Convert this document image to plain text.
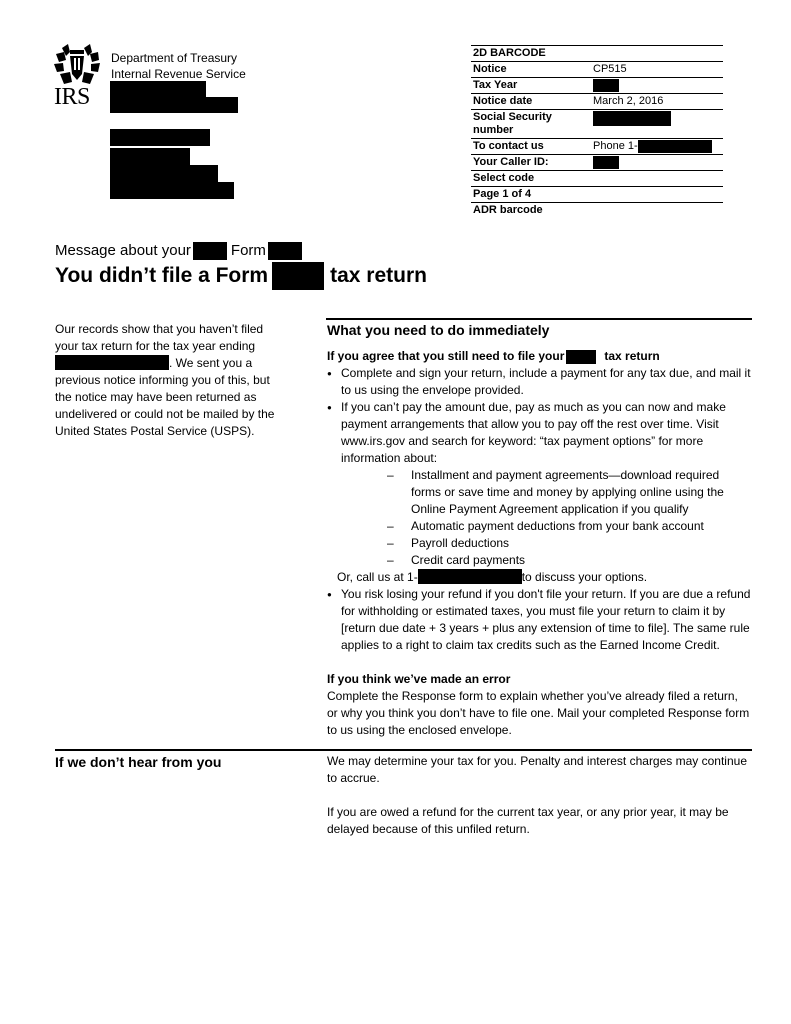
IRS
Department of Treasury
Internal Revenue Service
2D BARCODE	
Notice	CP515
Tax Year	
Notice date	March 2, 2016
Social Security number	
To contact us	Phone 1-
Your Caller ID:	
Select code	
Page 1 of 4	
ADR barcode	
Message about your	Form
You didn’t file a Form	tax return
Our records show that you haven’t filed your tax return for the tax year ending . We sent you a previous notice informing you of this, but the notice may have been returned as undelivered or could not be mailed by the United States Postal Service (USPS).
What you need to do immediately
If you agree that you still need to file your	tax return
● Complete and sign your return, include a payment for any tax due, and mail it to us using the envelope provided.
● If you can’t pay the amount due, pay as much as you can now and make payment arrangements that allow you to pay off the rest over time. Visit www.irs.gov and search for keyword: “tax payment options” for more information about:
– Installment and payment agreements—download required forms or save time and money by applying online using the Online Payment Agreement application if you qualify
– Automatic payment deductions from your bank account
– Payroll deductions
– Credit card payments
Or, call us at 1-	to discuss your options.
● You risk losing your refund if you don't file your return. If you are due a refund for withholding or estimated taxes, you must file your return to claim it by [return due date + 3 years + plus any extension of time to file]. The same rule applies to a right to claim tax credits such as the Earned Income Credit.
If you think we’ve made an error
Complete the Response form to explain whether you’ve already filed a return, or why you think you don’t have to file one. Mail your completed Response form to us using the enclosed envelope.
If we don’t hear from you	We may determine your tax for you. Penalty and interest charges may continue to accrue.
If you are owed a refund for the current tax year, or any prior year, it may be delayed because of this unfiled return.
